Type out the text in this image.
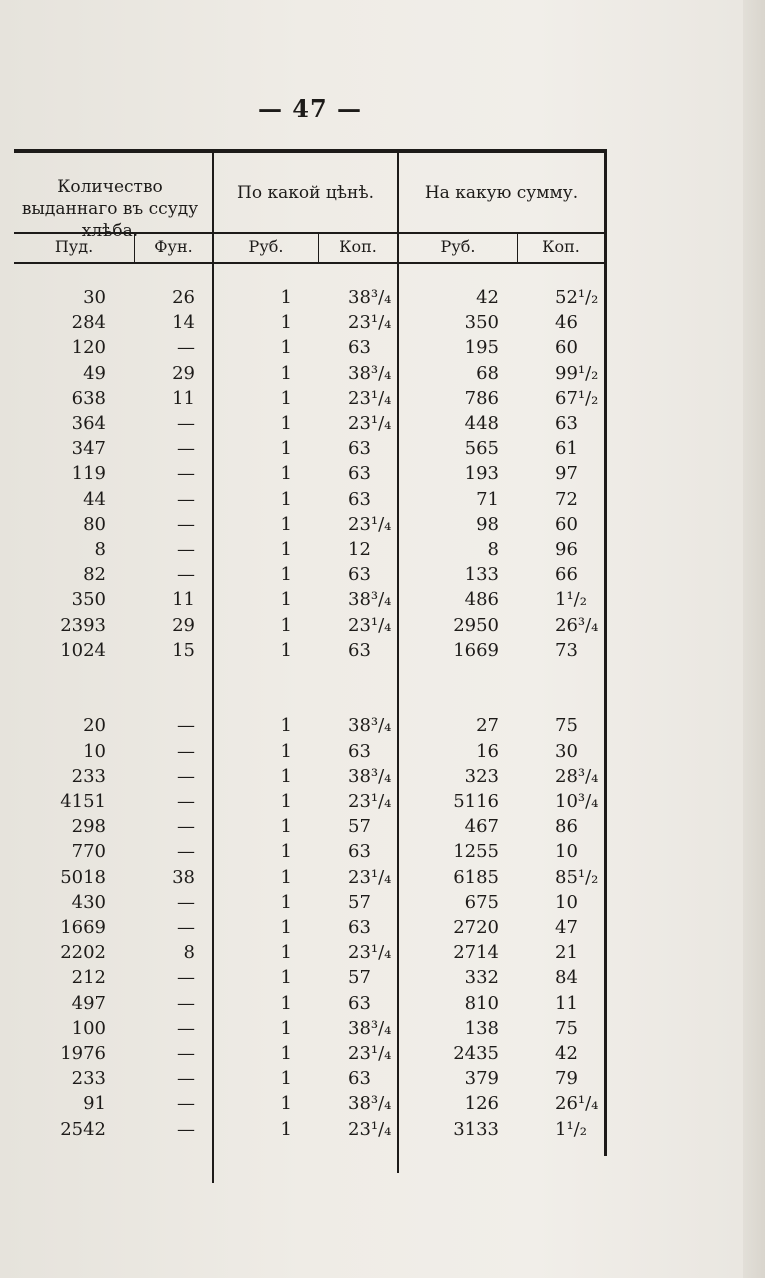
— 47 —
Количество выданнаго въ ссуду хлѣба.
По какой цѣнѣ.	На какую сумму.
Пуд.	Фун.	Руб.	Коп.	Руб.	Коп.
30	26	1	38³/₄	42	52¹/₂
284	14	1	23¹/₄	350	46
120	—	1	63	195	60
49	29	1	38³/₄	68	99¹/₂
638	11	1	23¹/₄	786	67¹/₂
364	—	1	23¹/₄	448	63
347	—	1	63	565	61
119	—	1	63	193	97
44	—	1	63	71	72
80	—	1	23¹/₄	98	60
8	—	1	12	8	96
82	—	1	63	133	66
350	11	1	38³/₄	486	1¹/₂
2393	29	1	23¹/₄	2950	26³/₄
1024	15	1	63	1669	73
20	—	1	38³/₄	27	75
10	—	1	63	16	30
233	—	1	38³/₄	323	28³/₄
4151	—	1	23¹/₄	5116	10³/₄
298	—	1	57	467	86
770	—	1	63	1255	10
5018	38	1	23¹/₄	6185	85¹/₂
430	—	1	57	675	10
1669	—	1	63	2720	47
2202	8	1	23¹/₄	2714	21
212	—	1	57	332	84
497	—	1	63	810	11
100	—	1	38³/₄	138	75
1976	—	1	23¹/₄	2435	42
233	—	1	63	379	79
91	—	1	38³/₄	126	26¹/₄
2542	—	1	23¹/₄	3133	1¹/₂
